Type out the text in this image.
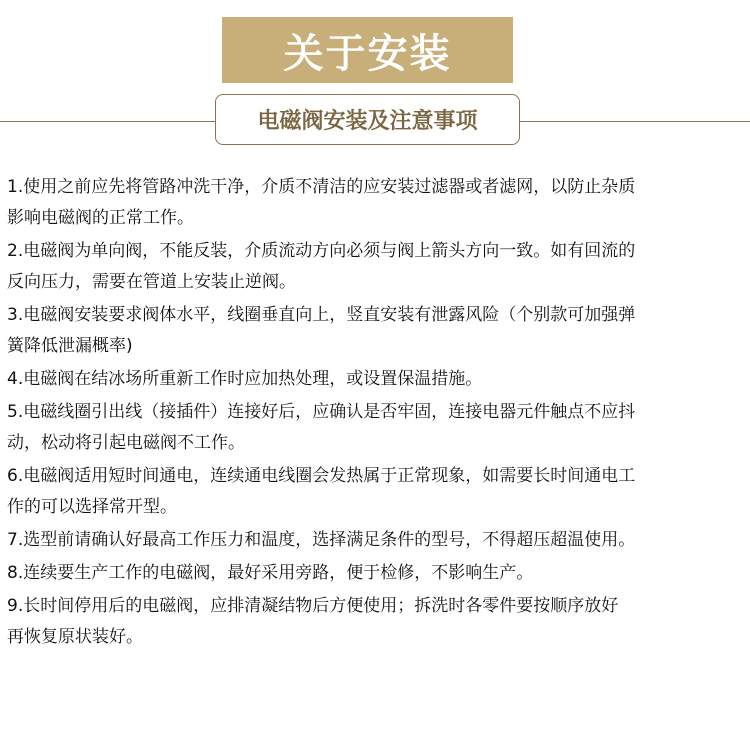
关于安装
电磁阀安装及注意事项
1.使用之前应先将管路冲洗干净，介质不清洁的应安装过滤器或者滤网，以防止杂质
影响电磁阀的正常工作。
2.电磁阀为单向阀，不能反装，介质流动方向必须与阀上箭头方向一致。如有回流的
反向压力，需要在管道上安装止逆阀。
3.电磁阀安装要求阀体水平，线圈垂直向上，竖直安装有泄露风险（个别款可加强弹
簧降低泄漏概率)
4.电磁阀在结冰场所重新工作时应加热处理，或设置保温措施。
5.电磁线圈引出线（接插件）连接好后，应确认是否牢固，连接电器元件触点不应抖
动，松动将引起电磁阀不工作。
6.电磁阀适用短时间通电，连续通电线圈会发热属于正常现象，如需要长时间通电工
作的可以选择常开型。
7.选型前请确认好最高工作压力和温度，选择满足条件的型号，不得超压超温使用。
8.连续要生产工作的电磁阀，最好采用旁路，便于检修，不影响生产。
9.长时间停用后的电磁阀，应排清凝结物后方便使用；拆洗时各零件要按顺序放好
再恢复原状装好。
